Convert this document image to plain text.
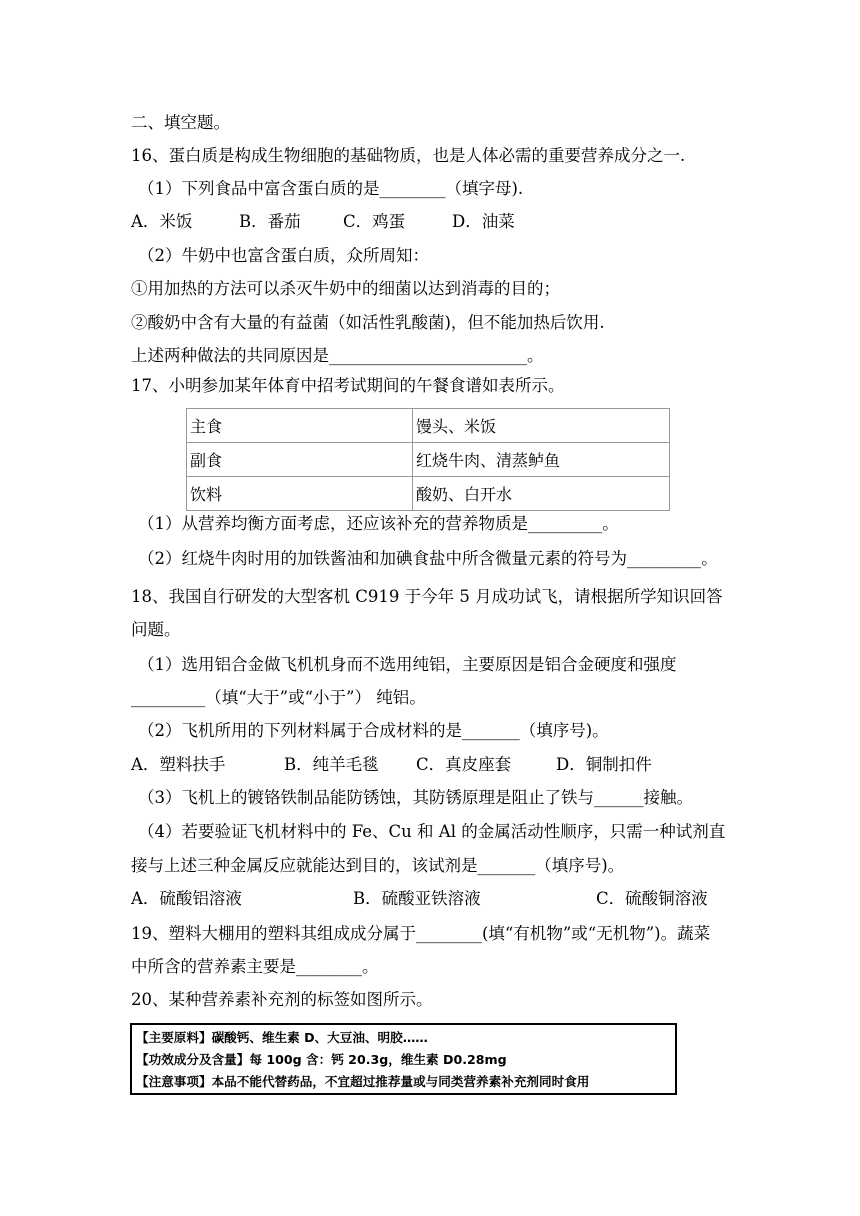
二、填空题。
16、蛋白质是构成生物细胞的基础物质，也是人体必需的重要营养成分之一.
（1）下列食品中富含蛋白质的是________（填字母).
A．米饭	B．番茄	C．鸡蛋	D．油菜
（2）牛奶中也富含蛋白质，众所周知：
①用加热的方法可以杀灭牛奶中的细菌以达到消毒的目的；
②酸奶中含有大量的有益菌（如活性乳酸菌)，但不能加热后饮用.
上述两种做法的共同原因是________________________。
17、小明参加某年体育中招考试期间的午餐食谱如表所示。
主食	馒头、米饭
副食	红烧牛肉、清蒸鲈鱼
饮料	酸奶、白开水
（1）从营养均衡方面考虑，还应该补充的营养物质是_________。
（2）红烧牛肉时用的加铁酱油和加碘食盐中所含微量元素的符号为_________。
18、我国自行研发的大型客机 C919 于今年 5 月成功试飞，请根据所学知识回答
问题。
（1）选用铝合金做飞机机身而不选用纯铝，主要原因是铝合金硬度和强度
_________（填“大于”或“小于”） 纯铝。
（2）飞机所用的下列材料属于合成材料的是_______（填序号)。
A．塑料扶手	B．纯羊毛毯 C．真皮座套	D．铜制扣件
（3）飞机上的镀铬铁制品能防锈蚀，其防锈原理是阻止了铁与______接触。
（4）若要验证飞机材料中的 Fe、Cu 和 Al 的金属活动性顺序，只需一种试剂直
接与上述三种金属反应就能达到目的，该试剂是_______（填序号)。
A．硫酸铝溶液	B．硫酸亚铁溶液	C．硫酸铜溶液
19、塑料大棚用的塑料其组成成分属于________(填“有机物”或“无机物”)。蔬菜
中所含的营养素主要是________。
20、某种营养素补充剂的标签如图所示。
【主要原料】碳酸钙、维生素 D、大豆油、明胶……
【功效成分及含量】每 100g 含：钙 20.3g，维生素 D0.28mg
【注意事项】本品不能代替药品，不宜超过推荐量或与同类营养素补充剂同时食用
